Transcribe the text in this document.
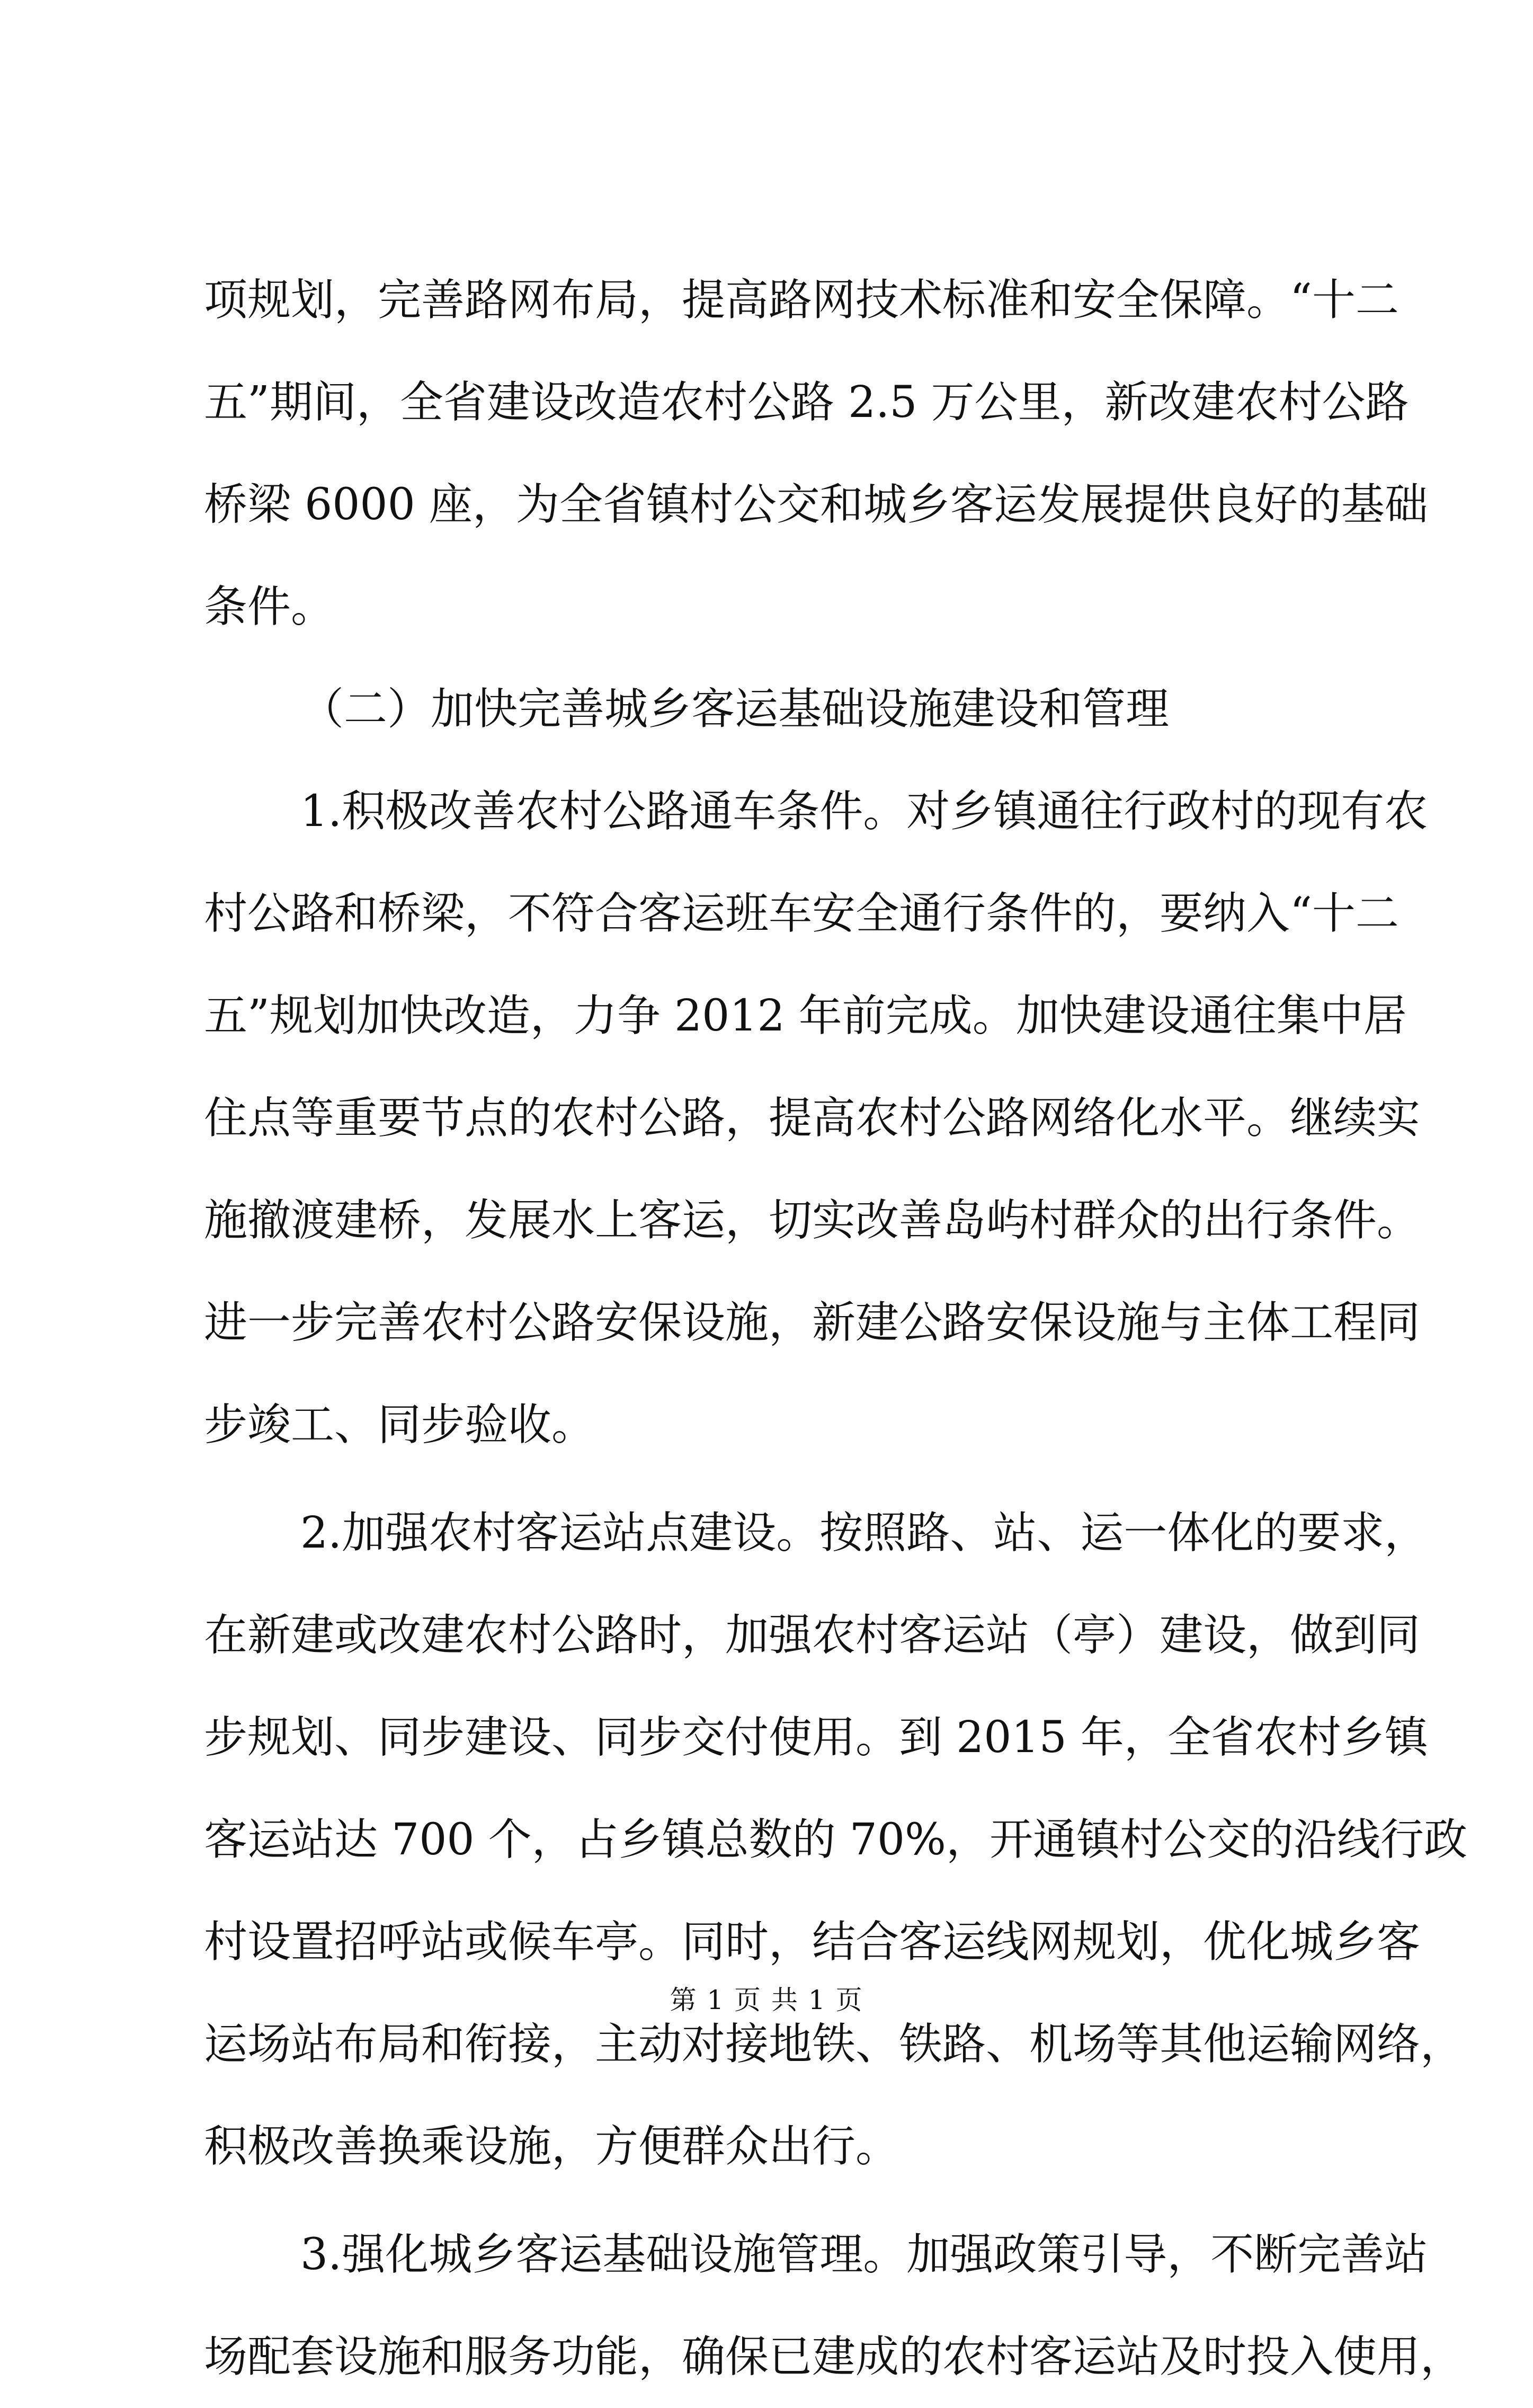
项规划，完善路网布局，提高路网技术标准和安全保障。“十二
五”期间，全省建设改造农村公路 2.5 万公里，新改建农村公路
桥梁 6000 座，为全省镇村公交和城乡客运发展提供良好的基础
条件。
（二）加快完善城乡客运基础设施建设和管理
1.积极改善农村公路通车条件。对乡镇通往行政村的现有农
村公路和桥梁，不符合客运班车安全通行条件的，要纳入“十二
五”规划加快改造，力争 2012 年前完成。加快建设通往集中居
住点等重要节点的农村公路，提高农村公路网络化水平。继续实
施撤渡建桥，发展水上客运，切实改善岛屿村群众的出行条件。
进一步完善农村公路安保设施，新建公路安保设施与主体工程同
步竣工、同步验收。
2.加强农村客运站点建设。按照路、站、运一体化的要求，
在新建或改建农村公路时，加强农村客运站（亭）建设，做到同
步规划、同步建设、同步交付使用。到 2015 年，全省农村乡镇
客运站达 700 个，占乡镇总数的 70%，开通镇村公交的沿线行政
村设置招呼站或候车亭。同时，结合客运线网规划，优化城乡客
运场站布局和衔接，主动对接地铁、铁路、机场等其他运输网络，
积极改善换乘设施，方便群众出行。
3.强化城乡客运基础设施管理。加强政策引导，不断完善站
场配套设施和服务功能，确保已建成的农村客运站及时投入使用，
第 1 页 共 1 页
